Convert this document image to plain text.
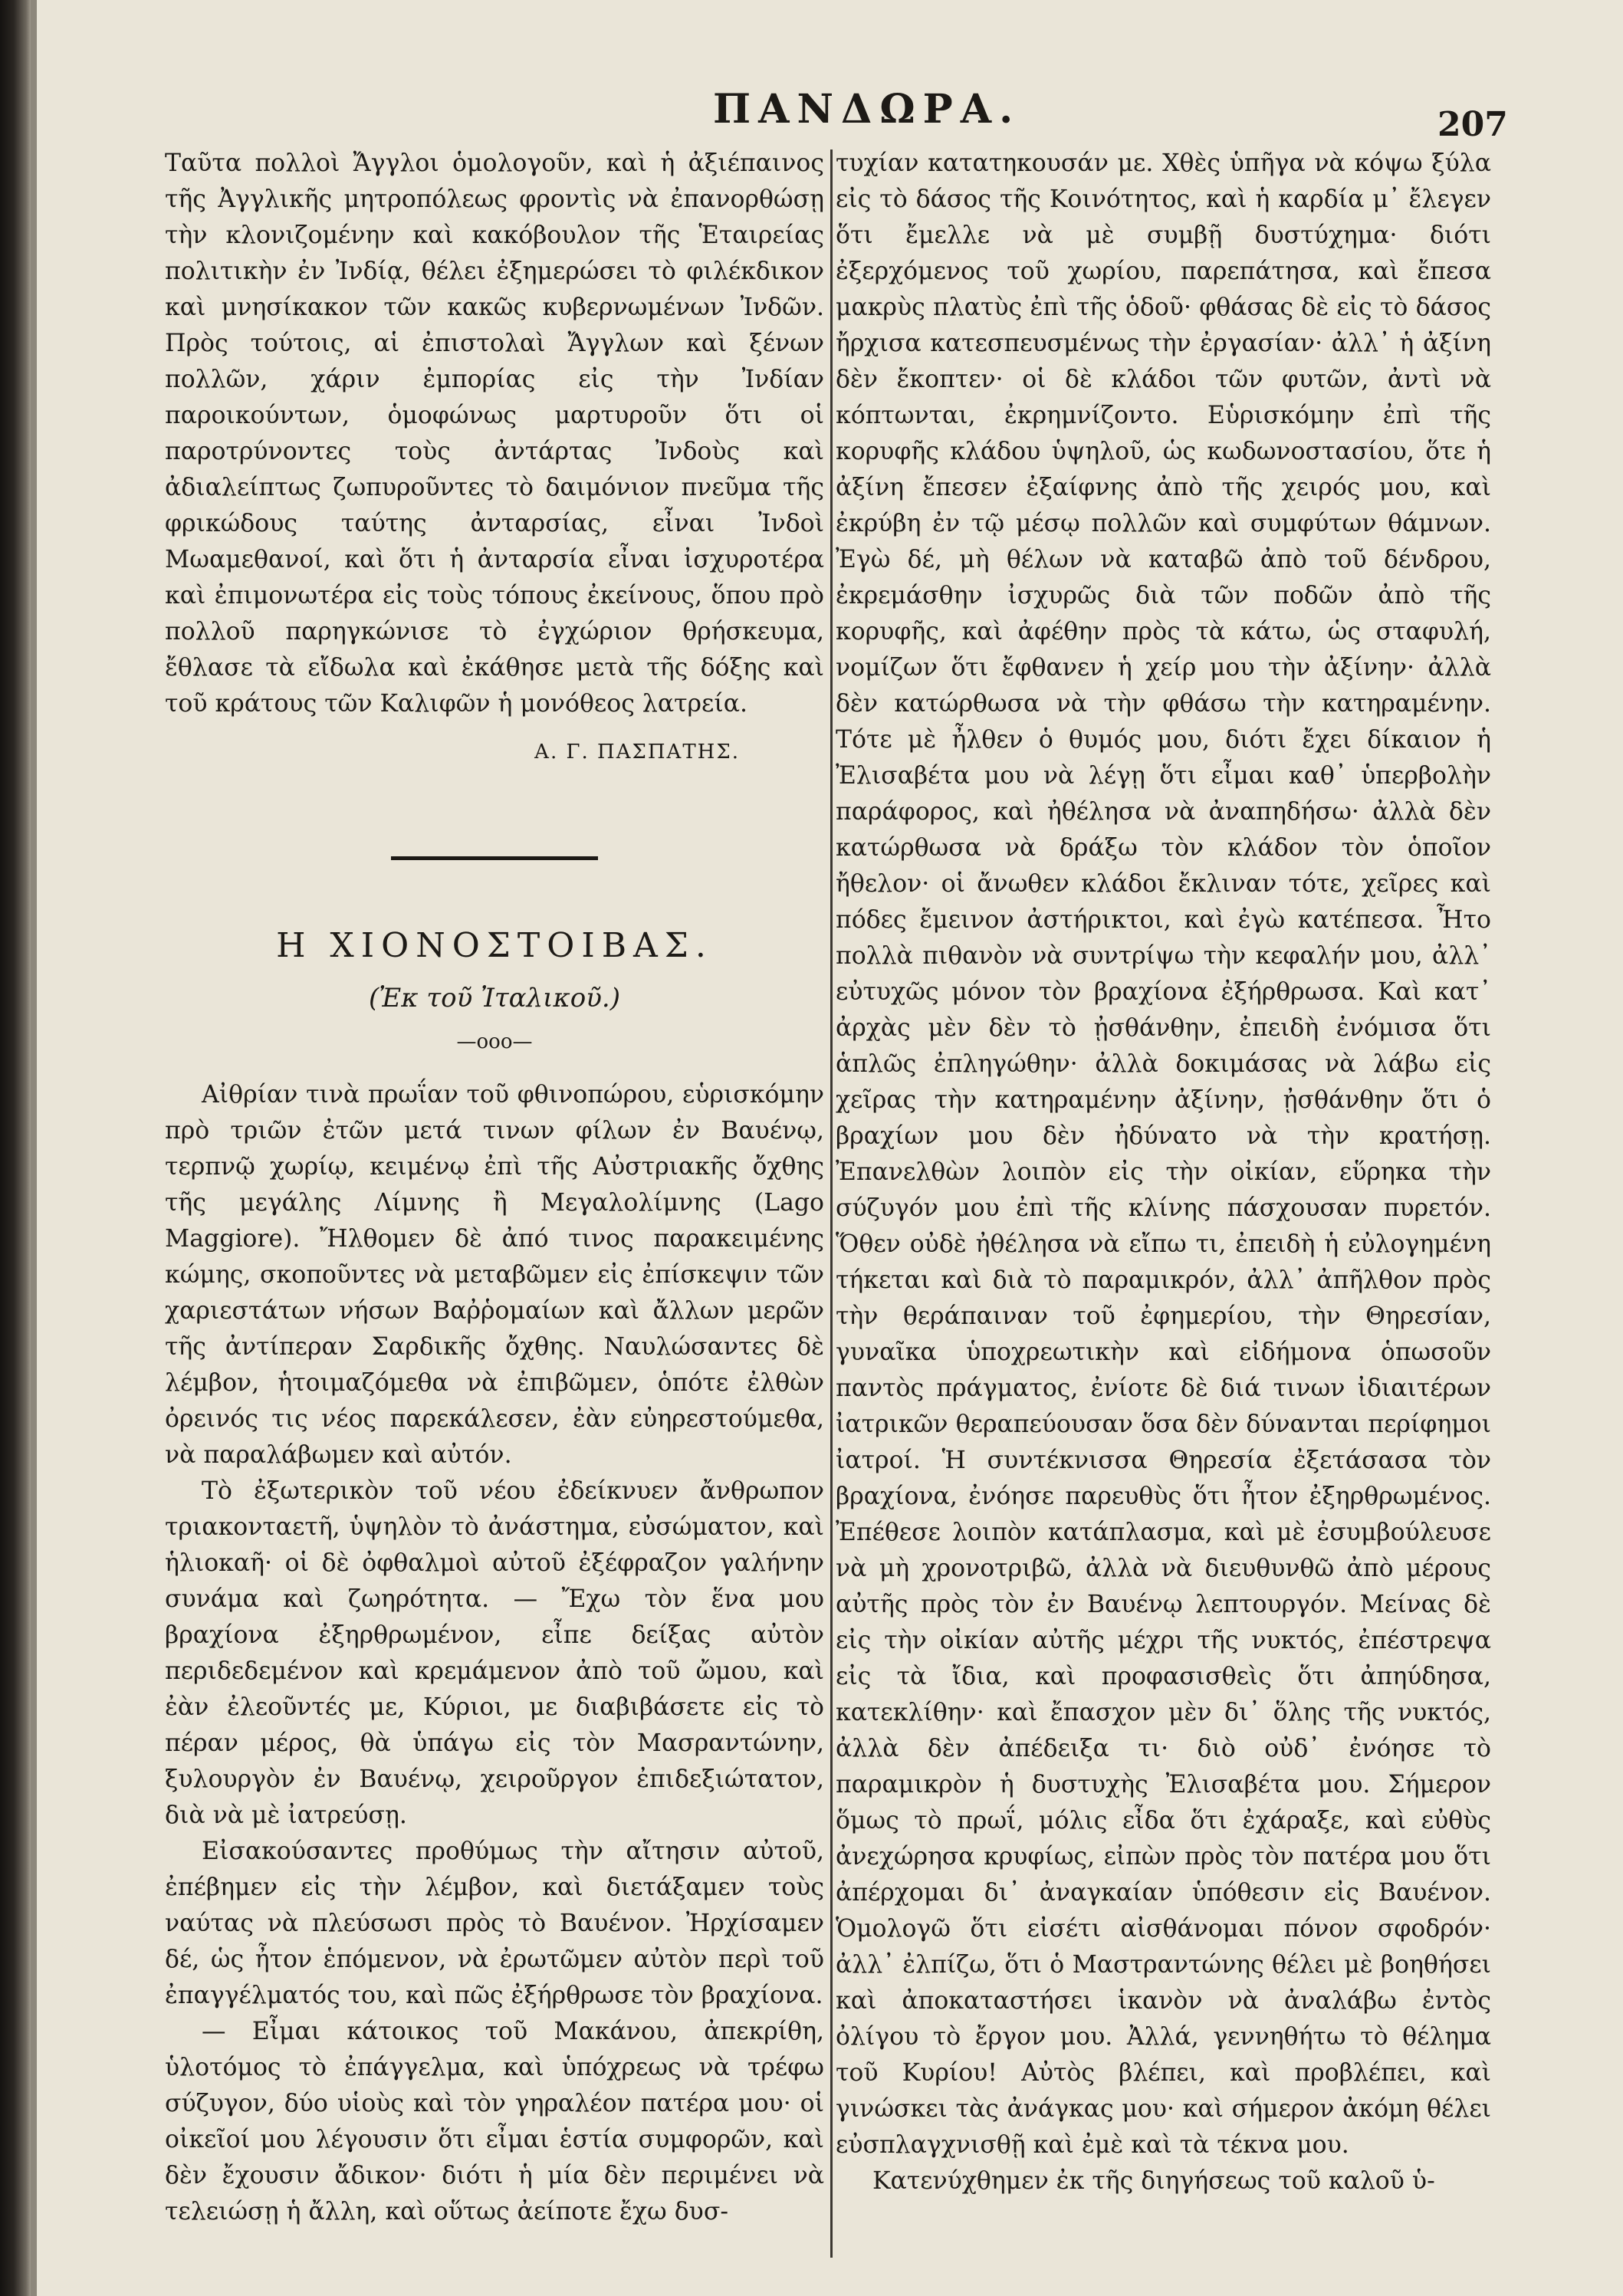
ΠΑΝΔΩΡΑ.	207

Ταῦτα πολλοὶ Ἄγγλοι ὁμολογοῦν, καὶ ἡ ἀξιέπαινος τῆς Ἀγγλικῆς μητροπόλεως φροντὶς νὰ ἐπανορθώσῃ τὴν κλονιζομένην καὶ κακόβουλον τῆς Ἑταιρείας πολιτικὴν ἐν Ἰνδίᾳ, θέλει ἐξημερώσει τὸ φιλέκδικον καὶ μνησίκακον τῶν κακῶς κυβερνωμένων Ἰνδῶν. Πρὸς τούτοις, αἱ ἐπιστολαὶ Ἄγγλων καὶ ξένων πολλῶν, χάριν ἐμπορίας εἰς τὴν Ἰνδίαν παροικούντων, ὁμοφώνως μαρτυροῦν ὅτι οἱ παροτρύνοντες τοὺς ἀντάρτας Ἰνδοὺς καὶ ἀδιαλείπτως ζωπυροῦντες τὸ δαιμόνιον πνεῦμα τῆς φρικώδους ταύτης ἀνταρσίας, εἶναι Ἰνδοὶ Μωαμεθανοί, καὶ ὅτι ἡ ἀνταρσία εἶναι ἰσχυροτέρα καὶ ἐπιμονωτέρα εἰς τοὺς τόπους ἐκείνους, ὅπου πρὸ πολλοῦ παρηγκώνισε τὸ ἐγχώριον θρήσκευμα, ἔθλασε τὰ εἴδωλα καὶ ἐκάθησε μετὰ τῆς δόξης καὶ τοῦ κράτους τῶν Καλιφῶν ἡ μονόθεος λατρεία.

Α. Γ. ΠΑΣΠΑΤΗΣ.
Η ΧΙΟΝΟΣΤΟΙΒΑΣ.
(Ἐκ τοῦ Ἰταλικοῦ.)
—ooo—

Αἰθρίαν τινὰ πρωΐαν τοῦ φθινοπώρου, εὑρισκόμην πρὸ τριῶν ἐτῶν μετά τινων φίλων ἐν Βαυένῳ, τερπνῷ χωρίῳ, κειμένῳ ἐπὶ τῆς Αὐστριακῆς ὄχθης τῆς μεγάλης Λίμνης ἢ Μεγαλολίμνης (Lago Maggiore). Ἤλθομεν δὲ ἀπό τινος παρακειμένης κώμης, σκοποῦντες νὰ μεταβῶμεν εἰς ἐπίσκεψιν τῶν χαριεστάτων νήσων Βαῤῥομαίων καὶ ἄλλων μερῶν τῆς ἀντίπεραν Σαρδικῆς ὄχθης. Ναυλώσαντες δὲ λέμβον, ἡτοιμαζόμεθα νὰ ἐπιβῶμεν, ὁπότε ἐλθὼν ὀρεινός τις νέος παρεκάλεσεν, ἐὰν εὐηρεστούμεθα, νὰ παραλάβωμεν καὶ αὐτόν.

Τὸ ἐξωτερικὸν τοῦ νέου ἐδείκνυεν ἄνθρωπον τριακονταετῆ, ὑψηλὸν τὸ ἀνάστημα, εὐσώματον, καὶ ἡλιοκαῆ· οἱ δὲ ὀφθαλμοὶ αὐτοῦ ἐξέφραζον γαλήνην συνάμα καὶ ζωηρότητα. — Ἔχω τὸν ἕνα μου βραχίονα ἐξηρθρωμένον, εἶπε δείξας αὐτὸν περιδεδεμένον καὶ κρεμάμενον ἀπὸ τοῦ ὤμου, καὶ ἐὰν ἐλεοῦντές με, Κύριοι, με διαβιβάσετε εἰς τὸ πέραν μέρος, θὰ ὑπάγω εἰς τὸν Μασραντώνην, ξυλουργὸν ἐν Βαυένῳ, χειροῦργον ἐπιδεξιώτατον, διὰ νὰ μὲ ἰατρεύσῃ.

Εἰσακούσαντες προθύμως τὴν αἴτησιν αὐτοῦ, ἐπέβημεν εἰς τὴν λέμβον, καὶ διετάξαμεν τοὺς ναύτας νὰ πλεύσωσι πρὸς τὸ Βαυένον. Ἠρχίσαμεν δέ, ὡς ἦτον ἑπόμενον, νὰ ἐρωτῶμεν αὐτὸν περὶ τοῦ ἐπαγγέλματός του, καὶ πῶς ἐξήρθρωσε τὸν βραχίονα.

— Εἶμαι κάτοικος τοῦ Μακάνου, ἀπεκρίθη, ὑλοτόμος τὸ ἐπάγγελμα, καὶ ὑπόχρεως νὰ τρέφω σύζυγον, δύο υἱοὺς καὶ τὸν γηραλέον πατέρα μου· οἱ οἰκεῖοί μου λέγουσιν ὅτι εἶμαι ἑστία συμφορῶν, καὶ δὲν ἔχουσιν ἄδικον· διότι ἡ μία δὲν περιμένει νὰ τελειώσῃ ἡ ἄλλη, καὶ οὕτως ἀείποτε ἔχω δυσ-

τυχίαν κατατηκουσάν με. Χθὲς ὑπῆγα νὰ κόψω ξύλα εἰς τὸ δάσος τῆς Κοινότητος, καὶ ἡ καρδία μ᾽ ἔλεγεν ὅτι ἔμελλε νὰ μὲ συμβῇ δυστύχημα· διότι ἐξερχόμενος τοῦ χωρίου, παρεπάτησα, καὶ ἔπεσα μακρὺς πλατὺς ἐπὶ τῆς ὁδοῦ· φθάσας δὲ εἰς τὸ δάσος ἤρχισα κατεσπευσμένως τὴν ἐργασίαν· ἀλλ᾽ ἡ ἀξίνη δὲν ἔκοπτεν· οἱ δὲ κλάδοι τῶν φυτῶν, ἀντὶ νὰ κόπτωνται, ἐκρημνίζοντο. Εὑρισκόμην ἐπὶ τῆς κορυφῆς κλάδου ὑψηλοῦ, ὡς κωδωνοστασίου, ὅτε ἡ ἀξίνη ἔπεσεν ἐξαίφνης ἀπὸ τῆς χειρός μου, καὶ ἐκρύβη ἐν τῷ μέσῳ πολλῶν καὶ συμφύτων θάμνων. Ἐγὼ δέ, μὴ θέλων νὰ καταβῶ ἀπὸ τοῦ δένδρου, ἐκρεμάσθην ἰσχυρῶς διὰ τῶν ποδῶν ἀπὸ τῆς κορυφῆς, καὶ ἀφέθην πρὸς τὰ κάτω, ὡς σταφυλή, νομίζων ὅτι ἔφθανεν ἡ χείρ μου τὴν ἀξίνην· ἀλλὰ δὲν κατώρθωσα νὰ τὴν φθάσω τὴν κατηραμένην. Τότε μὲ ἦλθεν ὁ θυμός μου, διότι ἔχει δίκαιον ἡ Ἐλισαβέτα μου νὰ λέγῃ ὅτι εἶμαι καθ᾽ ὑπερβολὴν παράφορος, καὶ ἠθέλησα νὰ ἀναπηδήσω· ἀλλὰ δὲν κατώρθωσα νὰ δράξω τὸν κλάδον τὸν ὁποῖον ἤθελον· οἱ ἄνωθεν κλάδοι ἔκλιναν τότε, χεῖρες καὶ πόδες ἔμεινον ἀστήρικτοι, καὶ ἐγὼ κατέπεσα. Ἦτο πολλὰ πιθανὸν νὰ συντρίψω τὴν κεφαλήν μου, ἀλλ᾽ εὐτυχῶς μόνον τὸν βραχίονα ἐξήρθρωσα. Καὶ κατ᾽ ἀρχὰς μὲν δὲν τὸ ᾐσθάνθην, ἐπειδὴ ἐνόμισα ὅτι ἁπλῶς ἐπληγώθην· ἀλλὰ δοκιμάσας νὰ λάβω εἰς χεῖρας τὴν κατηραμένην ἀξίνην, ᾐσθάνθην ὅτι ὁ βραχίων μου δὲν ἠδύνατο νὰ τὴν κρατήσῃ. Ἐπανελθὼν λοιπὸν εἰς τὴν οἰκίαν, εὕρηκα τὴν σύζυγόν μου ἐπὶ τῆς κλίνης πάσχουσαν πυρετόν. Ὅθεν οὐδὲ ἠθέλησα νὰ εἴπω τι, ἐπειδὴ ἡ εὐλογημένη τήκεται καὶ διὰ τὸ παραμικρόν, ἀλλ᾽ ἀπῆλθον πρὸς τὴν θεράπαιναν τοῦ ἐφημερίου, τὴν Θηρεσίαν, γυναῖκα ὑποχρεωτικὴν καὶ εἰδήμονα ὁπωσοῦν παντὸς πράγματος, ἐνίοτε δὲ διά τινων ἰδιαιτέρων ἰατρικῶν θεραπεύουσαν ὅσα δὲν δύνανται περίφημοι ἰατροί. Ἡ συντέκνισσα Θηρεσία ἐξετάσασα τὸν βραχίονα, ἐνόησε παρευθὺς ὅτι ἦτον ἐξηρθρωμένος. Ἐπέθεσε λοιπὸν κατάπλασμα, καὶ μὲ ἐσυμβούλευσε νὰ μὴ χρονοτριβῶ, ἀλλὰ νὰ διευθυνθῶ ἀπὸ μέρους αὐτῆς πρὸς τὸν ἐν Βαυένῳ λεπτουργόν. Μείνας δὲ εἰς τὴν οἰκίαν αὐτῆς μέχρι τῆς νυκτός, ἐπέστρεψα εἰς τὰ ἴδια, καὶ προφασισθεὶς ὅτι ἀπηύδησα, κατεκλίθην· καὶ ἔπασχον μὲν δι᾽ ὅλης τῆς νυκτός, ἀλλὰ δὲν ἀπέδειξα τι· διὸ οὐδ᾽ ἐνόησε τὸ παραμικρὸν ἡ δυστυχὴς Ἐλισαβέτα μου. Σήμερον ὅμως τὸ πρωΐ, μόλις εἶδα ὅτι ἐχάραξε, καὶ εὐθὺς ἀνεχώρησα κρυφίως, εἰπὼν πρὸς τὸν πατέρα μου ὅτι ἀπέρχομαι δι᾽ ἀναγκαίαν ὑπόθεσιν εἰς Βαυένον. Ὁμολογῶ ὅτι εἰσέτι αἰσθάνομαι πόνον σφοδρόν· ἀλλ᾽ ἐλπίζω, ὅτι ὁ Μαστραντώνης θέλει μὲ βοηθήσει καὶ ἀποκαταστήσει ἱκανὸν νὰ ἀναλάβω ἐντὸς ὀλίγου τὸ ἔργον μου. Ἀλλά, γεννηθήτω τὸ θέλημα τοῦ Κυρίου! Αὐτὸς βλέπει, καὶ προβλέπει, καὶ γινώσκει τὰς ἀνάγκας μου· καὶ σήμερον ἀκόμη θέλει εὐσπλαγχνισθῇ καὶ ἐμὲ καὶ τὰ τέκνα μου.

Κατενύχθημεν ἐκ τῆς διηγήσεως τοῦ καλοῦ ὑ-
